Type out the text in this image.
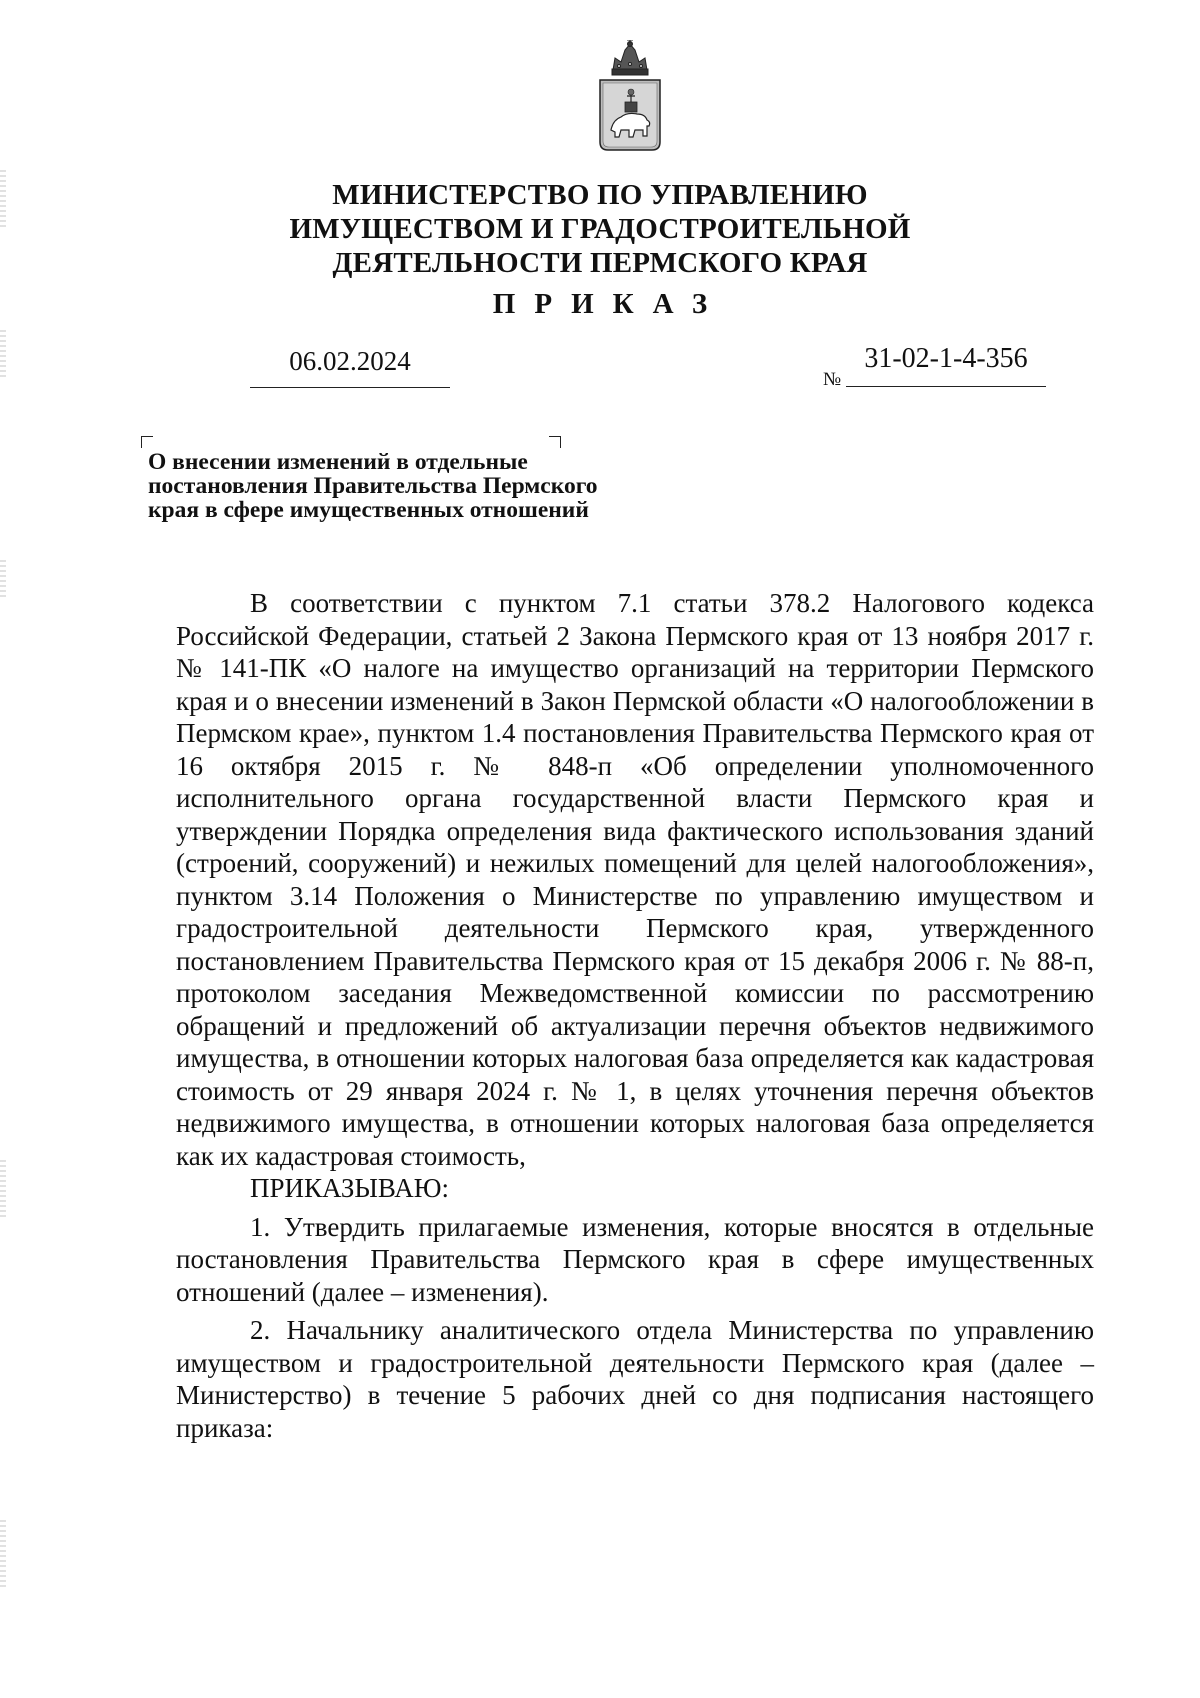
МИНИСТЕРСТВО ПО УПРАВЛЕНИЮ
ИМУЩЕСТВОМ И ГРАДОСТРОИТЕЛЬНОЙ
ДЕЯТЕЛЬНОСТИ ПЕРМСКОГО КРАЯ
ПРИКАЗ
06.02.2024
№
31-02-1-4-356
О внесении изменений в отдельные
постановления Правительства Пермского
края в сфере имущественных отношений

В соответствии с пунктом 7.1 статьи 378.2 Налогового кодекса Российской Федерации, статьей 2 Закона Пермского края от 13 ноября 2017 г. № 141-ПК «О налоге на имущество организаций на территории Пермского края и о внесении изменений в Закон Пермской области «О налогообложении в Пермском крае», пунктом 1.4 постановления Правительства Пермского края от 16 октября 2015 г. № 848-п «Об определении уполномоченного исполнительного органа государственной власти Пермского края и утверждении Порядка определения вида фактического использования зданий (строений, сооружений) и нежилых помещений для целей налогообложения», пунктом 3.14 Положения о Министерстве по управлению имуществом и градостроительной деятельности Пермского края, утвержденного постановлением Правительства Пермского края от 15 декабря 2006 г. № 88-п, протоколом заседания Межведомственной комиссии по рассмотрению обращений и предложений об актуализации перечня объектов недвижимого имущества, в отношении которых налоговая база определяется как кадастровая стоимость от 29 января 2024 г. № 1, в целях уточнения перечня объектов недвижимого имущества, в отношении которых налоговая база определяется как их кадастровая стоимость,

ПРИКАЗЫВАЮ:

1. Утвердить прилагаемые изменения, которые вносятся в отдельные постановления Правительства Пермского края в сфере имущественных отношений (далее – изменения).

2. Начальнику аналитического отдела Министерства по управлению имуществом и градостроительной деятельности Пермского края (далее – Министерство) в течение 5 рабочих дней со дня подписания настоящего приказа:
